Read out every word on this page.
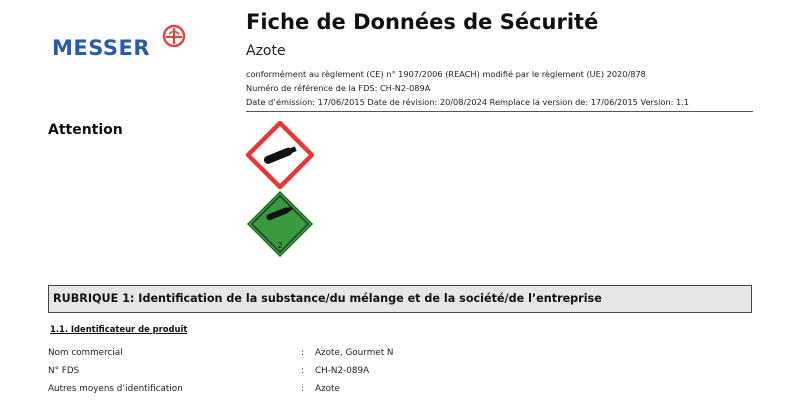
MESSER
Fiche de Données de Sécurité
Azote
conformément au règlement (CE) n° 1907/2006 (REACH) modifié par le règlement (UE) 2020/878
Numéro de référence de la FDS: CH-N2-089A
Date d’émission: 17/06/2015 Date de révision: 20/08/2024 Remplace la version de: 17/06/2015 Version: 1.1
Attention
2
RUBRIQUE 1: Identification de la substance/du mélange et de la société/de l’entreprise
1.1. Identificateur de produit
Nom commercial	: Azote, Gourmet N
N° FDS	: CH-N2-089A
Autres moyens d’identification	: Azote
